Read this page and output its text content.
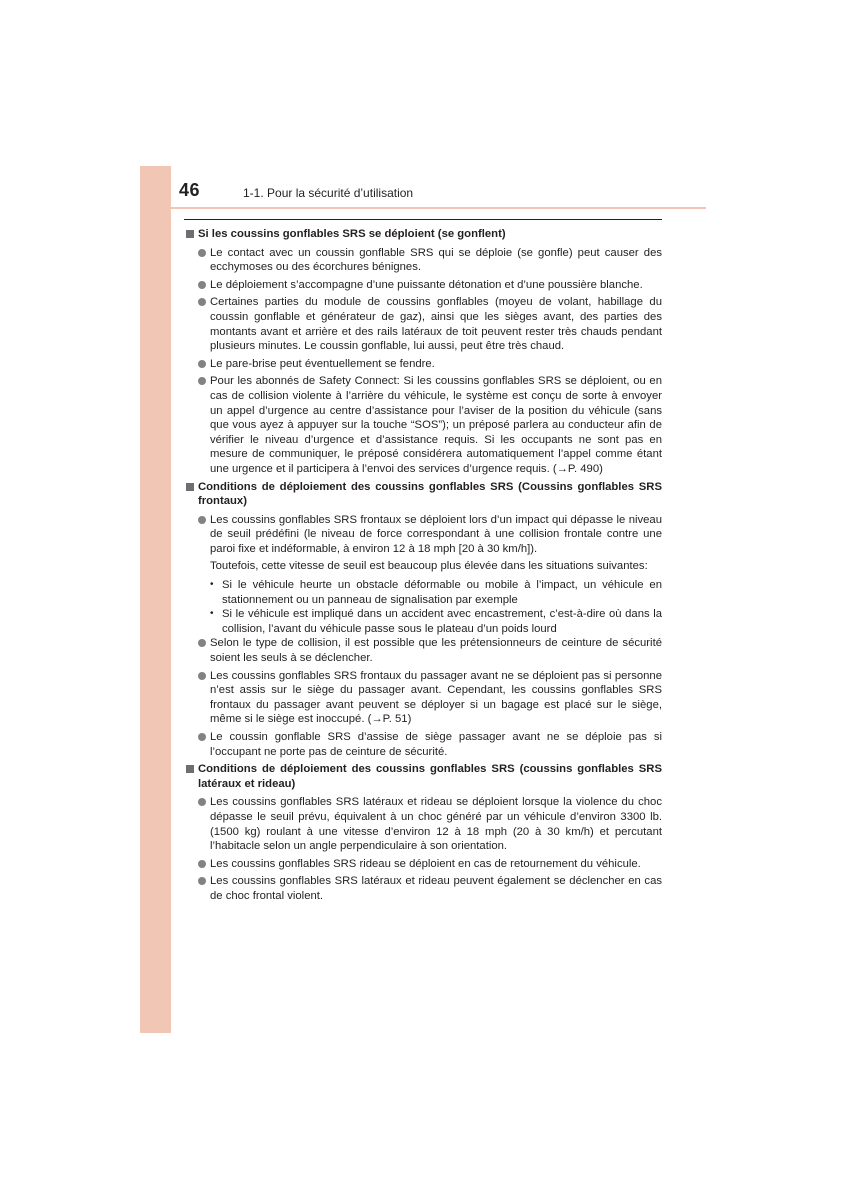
46	1-1. Pour la sécurité d’utilisation
Si les coussins gonflables SRS se déploient (se gonflent)
Le contact avec un coussin gonflable SRS qui se déploie (se gonfle) peut causer des ecchymoses ou des écorchures bénignes.
Le déploiement s’accompagne d’une puissante détonation et d’une poussière blanche.
Certaines parties du module de coussins gonflables (moyeu de volant, habillage du coussin gonflable et générateur de gaz), ainsi que les sièges avant, des parties des montants avant et arrière et des rails latéraux de toit peuvent rester très chauds pendant plusieurs minutes. Le coussin gonflable, lui aussi, peut être très chaud.
Le pare-brise peut éventuellement se fendre.
Pour les abonnés de Safety Connect: Si les coussins gonflables SRS se déploient, ou en cas de collision violente à l’arrière du véhicule, le système est conçu de sorte à envoyer un appel d’urgence au centre d’assistance pour l’aviser de la position du véhicule (sans que vous ayez à appuyer sur la touche “SOS”); un préposé parlera au conducteur afin de vérifier le niveau d’urgence et d’assistance requis. Si les occupants ne sont pas en mesure de communiquer, le préposé considérera automatiquement l’appel comme étant une urgence et il participera à l’envoi des services d’urgence requis. (→P. 490)
Conditions de déploiement des coussins gonflables SRS (Coussins gonflables SRS frontaux)
Les coussins gonflables SRS frontaux se déploient lors d’un impact qui dépasse le niveau de seuil prédéfini (le niveau de force correspondant à une collision frontale contre une paroi fixe et indéformable, à environ 12 à 18 mph [20 à 30 km/h]).
Toutefois, cette vitesse de seuil est beaucoup plus élevée dans les situations suivantes:
• Si le véhicule heurte un obstacle déformable ou mobile à l’impact, un véhicule en stationnement ou un panneau de signalisation par exemple
• Si le véhicule est impliqué dans un accident avec encastrement, c’est-à-dire où dans la collision, l’avant du véhicule passe sous le plateau d’un poids lourd
Selon le type de collision, il est possible que les prétensionneurs de ceinture de sécurité soient les seuls à se déclencher.
Les coussins gonflables SRS frontaux du passager avant ne se déploient pas si personne n’est assis sur le siège du passager avant. Cependant, les coussins gonflables SRS frontaux du passager avant peuvent se déployer si un bagage est placé sur le siège, même si le siège est inoccupé. (→P. 51)
Le coussin gonflable SRS d’assise de siège passager avant ne se déploie pas si l’occupant ne porte pas de ceinture de sécurité.
Conditions de déploiement des coussins gonflables SRS (coussins gonflables SRS latéraux et rideau)
Les coussins gonflables SRS latéraux et rideau se déploient lorsque la violence du choc dépasse le seuil prévu, équivalent à un choc généré par un véhicule d’environ 3300 lb. (1500 kg) roulant à une vitesse d’environ 12 à 18 mph (20 à 30 km/h) et percutant l’habitacle selon un angle perpendiculaire à son orientation.
Les coussins gonflables SRS rideau se déploient en cas de retournement du véhicule.
Les coussins gonflables SRS latéraux et rideau peuvent également se déclencher en cas de choc frontal violent.
